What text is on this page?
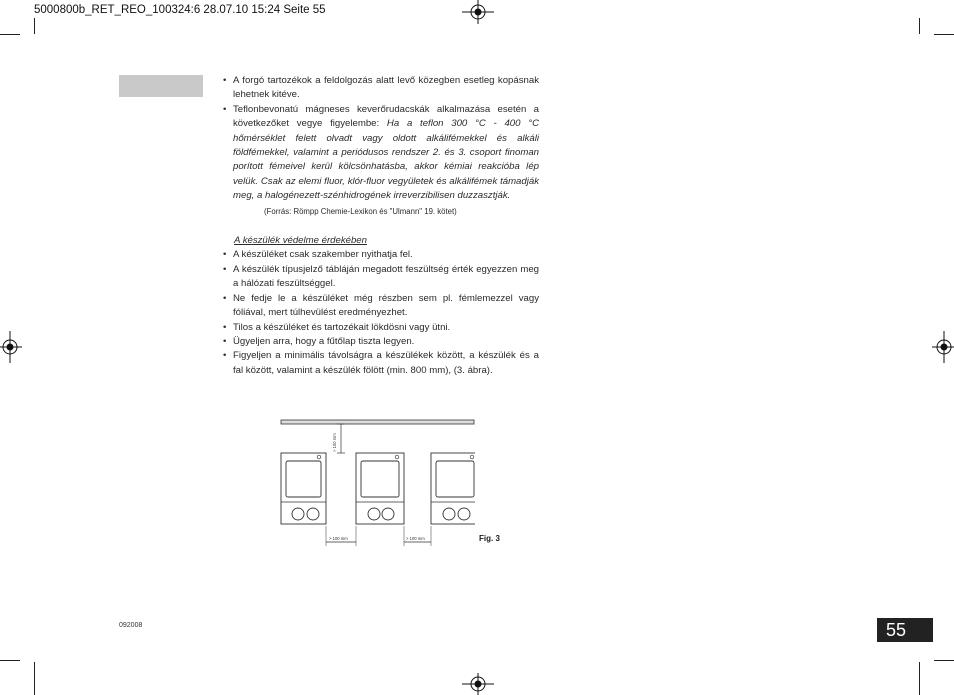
5000800b_RET_REO_100324:6 28.07.10 15:24 Seite 55
• A forgó tartozékok a feldolgozás alatt levő közegben esetleg kopásnak lehetnek kitéve.
• Teflonbevonatú mágneses keverőrudacskák alkalmazása esetén a következőket vegye figyelembe: Ha a teflon 300 °C - 400 °C hőmérséklet felett olvadt vagy oldott alkálifémekkel és alkáli földfémekkel, valamint a periódusos rendszer 2. és 3. csoport finoman porított fémeivel kerül kölcsönhatásba, akkor kémiai reakcióba lép velük. Csak az elemi fluor, klór-fluor vegyületek és alkálifémek támadják meg, a halogénezett-szénhidrogének irreverzibilisen duzzasztják.
(Forrás: Römpp Chemie-Lexikon és "Ulmann" 19. kötet)
A készülék védelme érdekében
• A készüléket csak szakember nyithatja fel.
• A készülék típusjelző tábláján megadott feszültség érték egyezzen meg a hálózati feszültséggel.
• Ne fedje le a készüléket még részben sem pl. fémlemezzel vagy fóliával, mert túlhevülést eredményezhet.
• Tilos a készüléket és tartozékait lökdösni vagy ütni.
• Ügyeljen arra, hogy a fűtőlap tiszta legyen.
• Figyeljen a minimális távolságra a készülékek között, a készülék és a fal között, valamint a készülék fölött (min. 800 mm), (3. ábra).
> 100 mm
> 100 mm	> 100 mm	Fig. 3
092008	55
